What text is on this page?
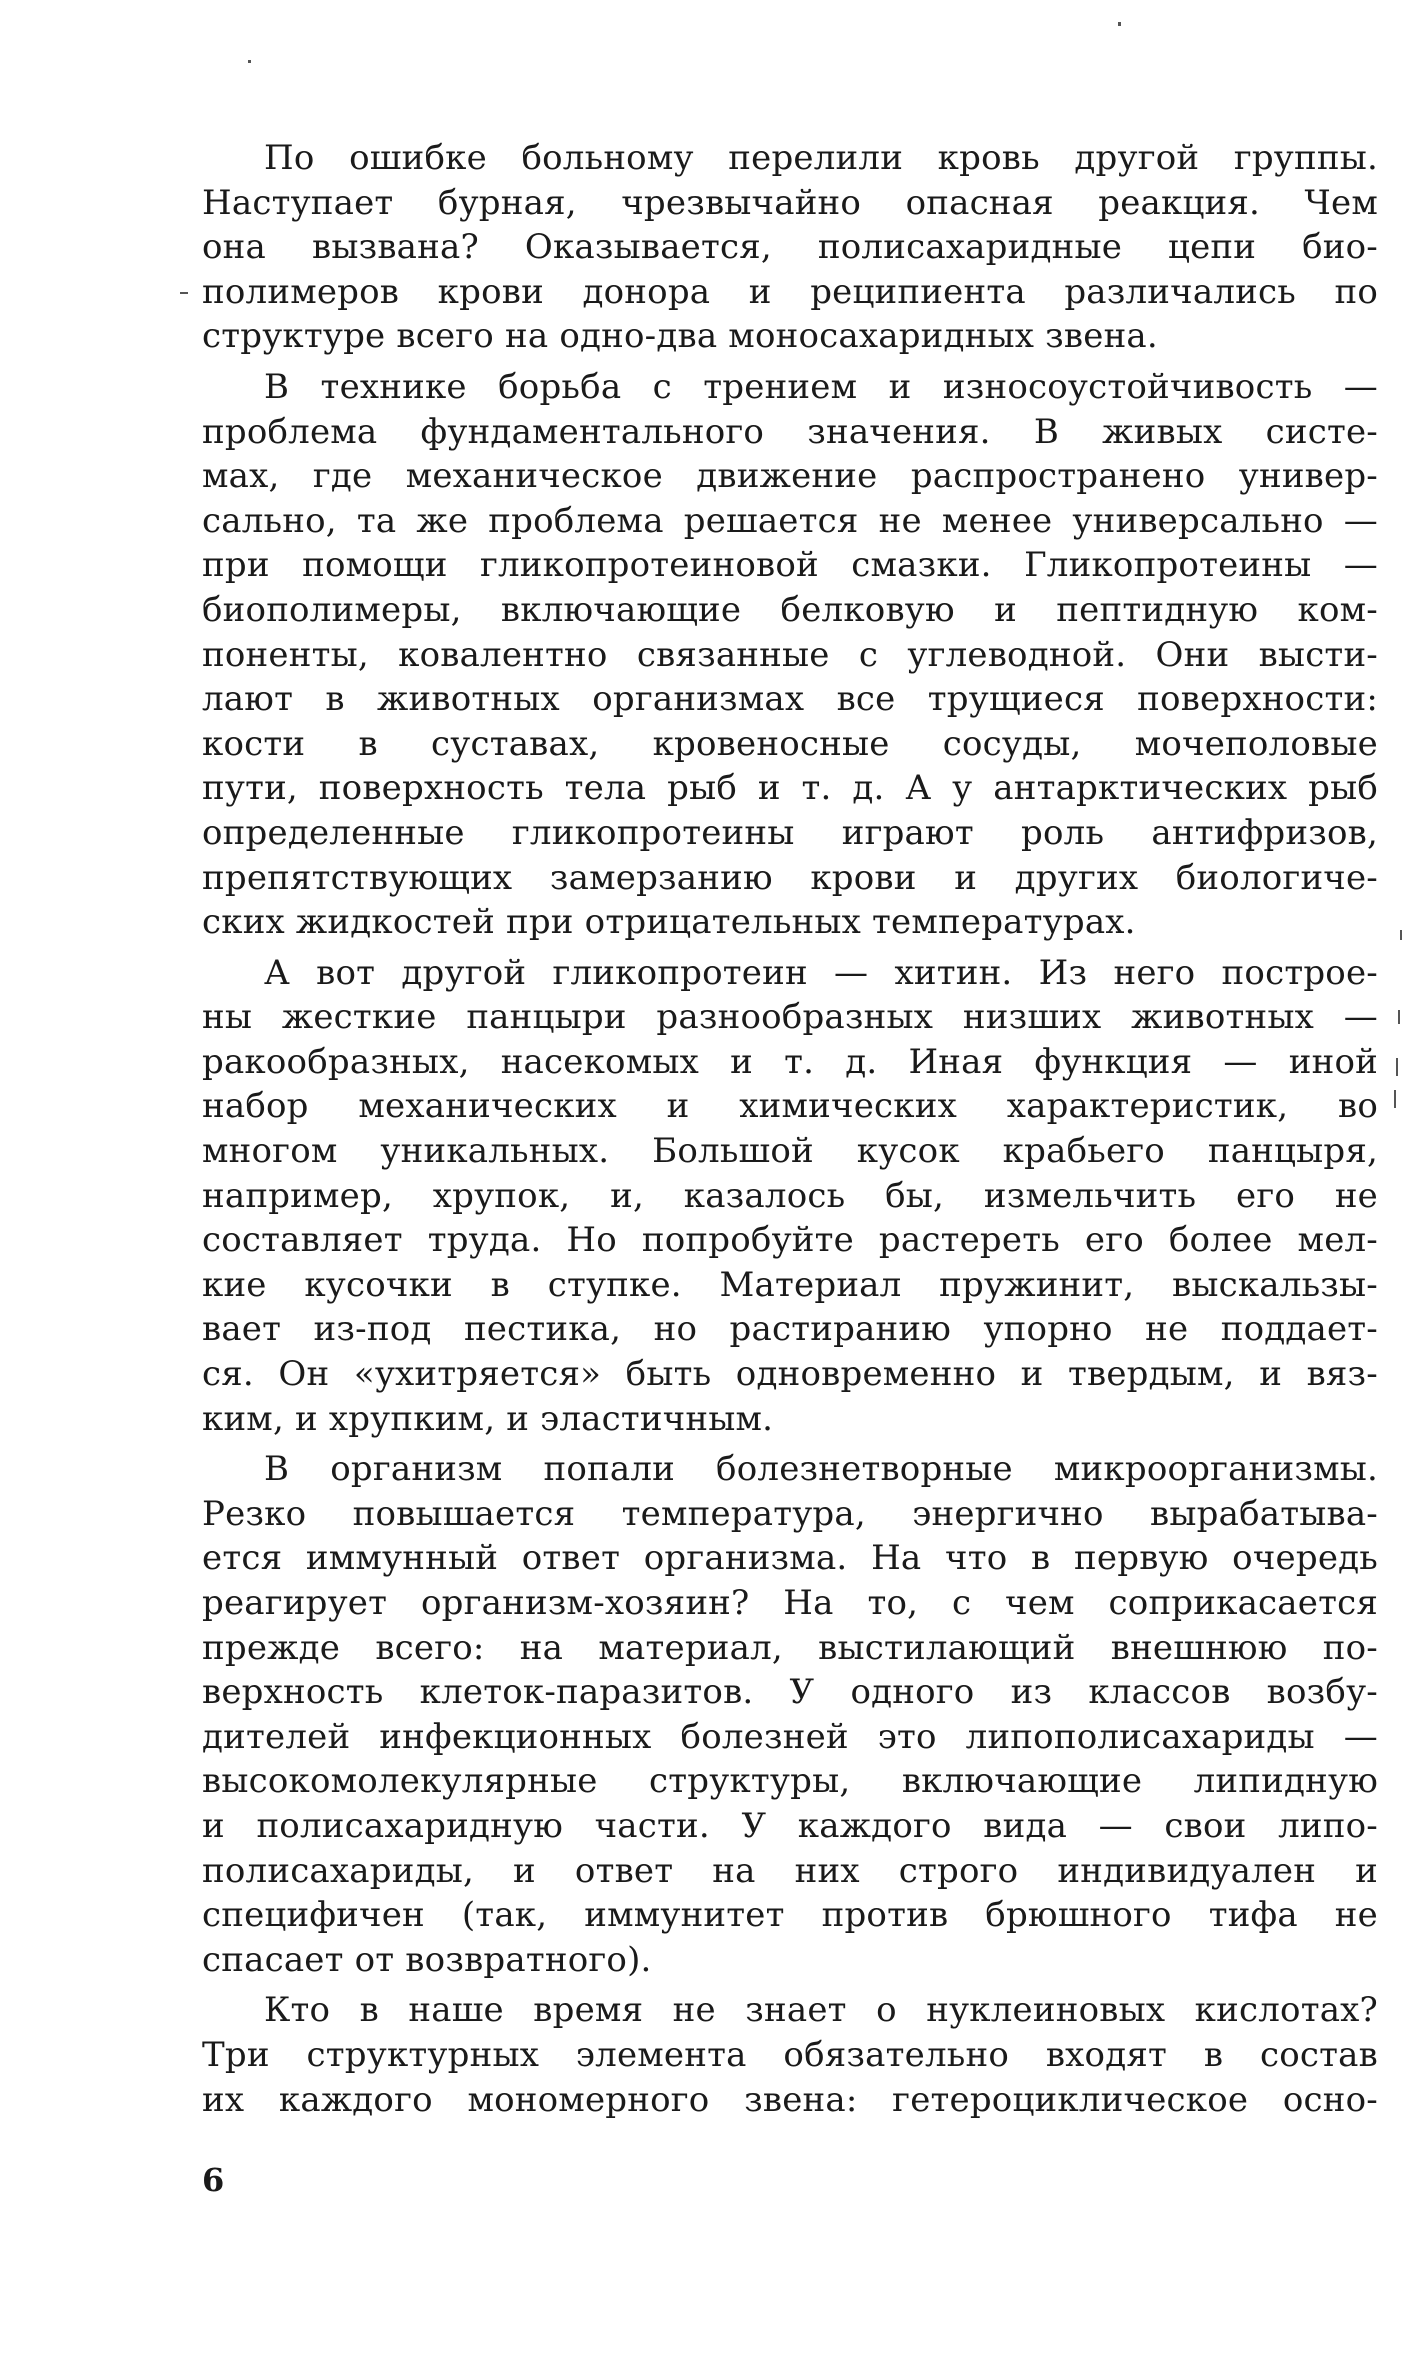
По ошибке больному перелили кровь другой группы.
Наступает бурная, чрезвычайно опасная реакция. Чем
она вызвана? Оказывается, полисахаридные цепи био-
полимеров крови донора и реципиента различались по
структуре всего на одно-два моносахаридных звена.

В технике борьба с трением и износоустойчивость —
проблема фундаментального значения. В живых систе-
мах, где механическое движение распространено универ-
сально, та же проблема решается не менее универсально —
при помощи гликопротеиновой смазки. Гликопротеины —
биополимеры, включающие белковую и пептидную ком-
поненты, ковалентно связанные с углеводной. Они высти-
лают в животных организмах все трущиеся поверхности:
кости в суставах, кровеносные сосуды, мочеполовые
пути, поверхность тела рыб и т. д. А у антарктических рыб
определенные гликопротеины играют роль антифризов,
препятствующих замерзанию крови и других биологиче-
ских жидкостей при отрицательных температурах.

А вот другой гликопротеин — хитин. Из него построе-
ны жесткие панцыри разнообразных низших животных —
ракообразных, насекомых и т. д. Иная функция — иной
набор механических и химических характеристик, во
многом уникальных. Большой кусок крабьего панцыря,
например, хрупок, и, казалось бы, измельчить его не
составляет труда. Но попробуйте растереть его более мел-
кие кусочки в ступке. Материал пружинит, выскальзы-
вает из-под пестика, но растиранию упорно не поддает-
ся. Он «ухитряется» быть одновременно и твердым, и вяз-
ким, и хрупким, и эластичным.

В организм попали болезнетворные микроорганизмы.
Резко повышается температура, энергично вырабатыва-
ется иммунный ответ организма. На что в первую очередь
реагирует организм-хозяин? На то, с чем соприкасается
прежде всего: на материал, выстилающий внешнюю по-
верхность клеток-паразитов. У одного из классов возбу-
дителей инфекционных болезней это липополисахариды —
высокомолекулярные структуры, включающие липидную
и полисахаридную части. У каждого вида — свои липо-
полисахариды, и ответ на них строго индивидуален и
специфичен (так, иммунитет против брюшного тифа не
спасает от возвратного).

Кто в наше время не знает о нуклеиновых кислотах?
Три структурных элемента обязательно входят в состав
их каждого мономерного звена: гетероциклическое осно-

6
